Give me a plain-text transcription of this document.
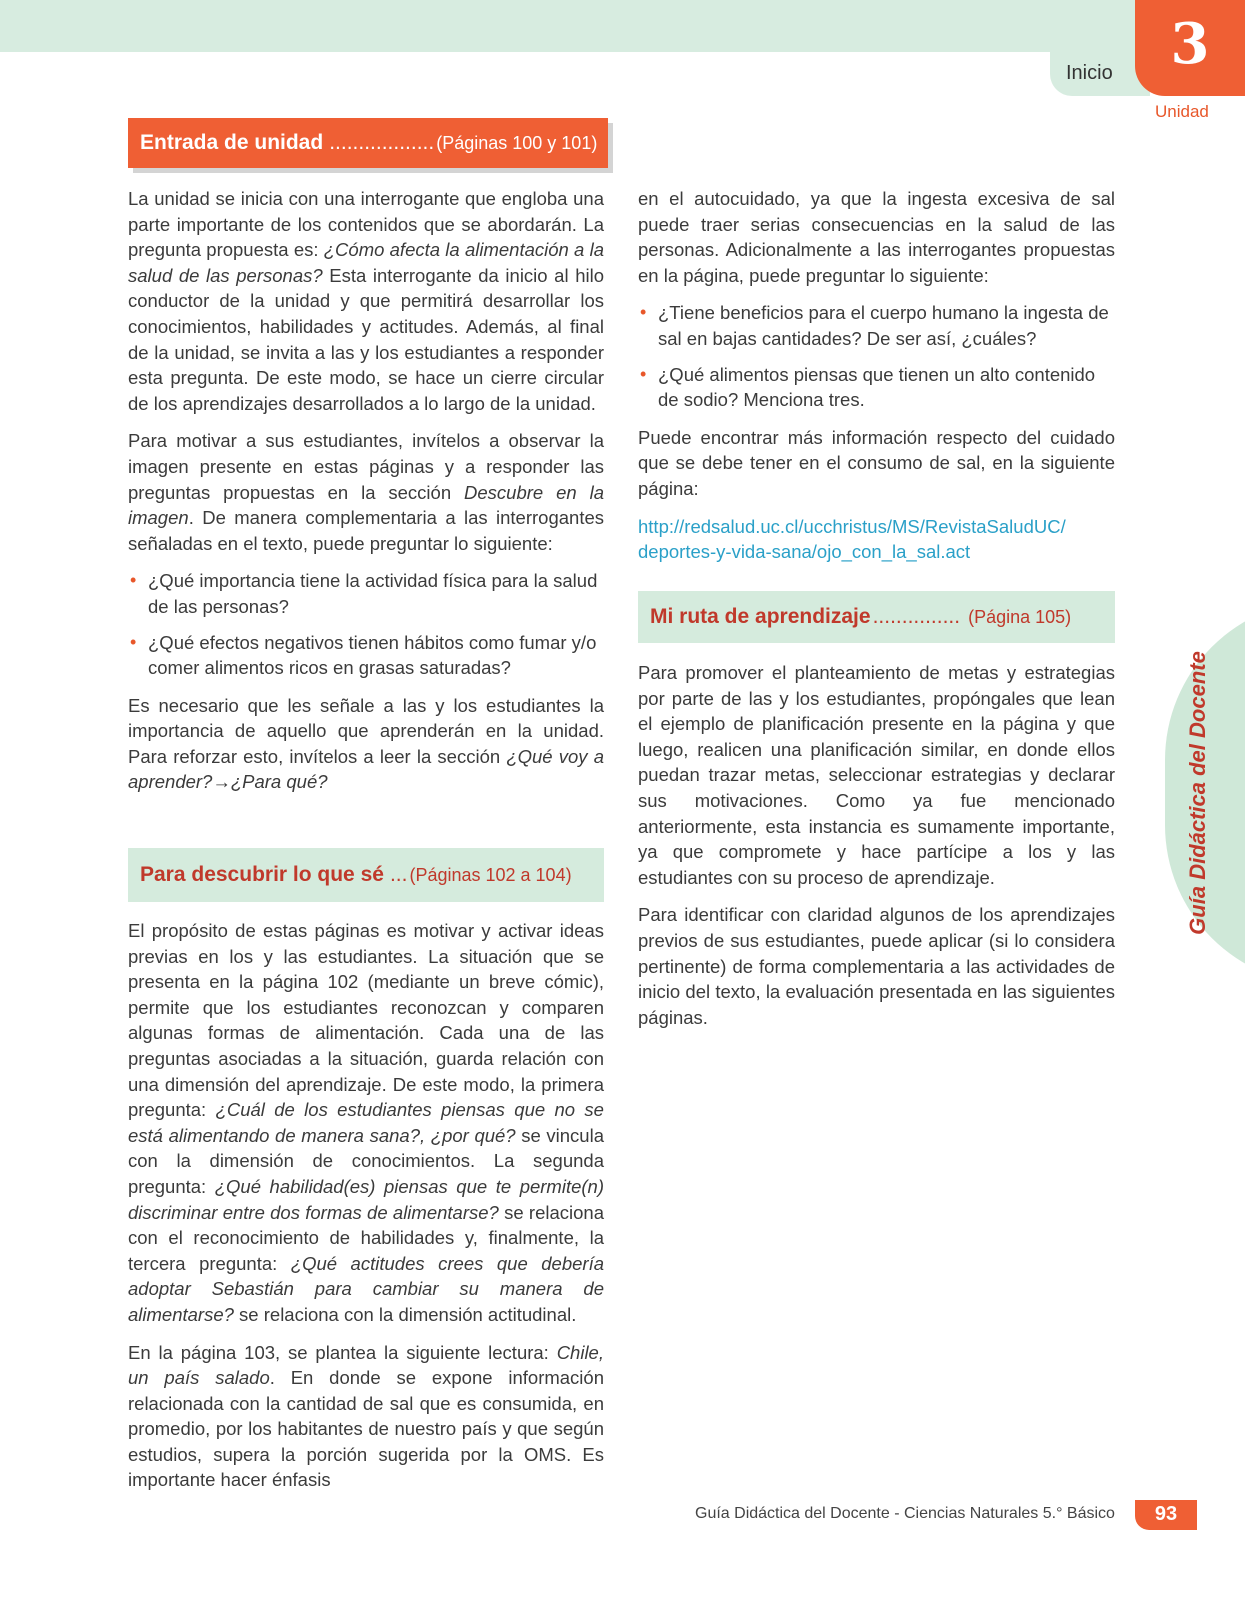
Inicio	3
Unidad
Guía Didáctica del Docente
Entrada de unidad .................. (Páginas 100 y 101)

La unidad se inicia con una interrogante que engloba una parte importante de los contenidos que se abordarán. La pregunta propuesta es: ¿Cómo afecta la alimentación a la salud de las personas? Esta interrogante da inicio al hilo conductor de la unidad y que permitirá desarrollar los conocimientos, habilidades y actitudes. Además, al final de la unidad, se invita a las y los estudiantes a responder esta pregunta. De este modo, se hace un cierre circular de los aprendizajes desarrollados a lo largo de la unidad.

Para motivar a sus estudiantes, invítelos a observar la imagen presente en estas páginas y a responder las preguntas propuestas en la sección Descubre en la imagen. De manera complementaria a las interrogantes señaladas en el texto, puede preguntar lo siguiente:

• ¿Qué importancia tiene la actividad física para la salud de las personas?
• ¿Qué efectos negativos tienen hábitos como fumar y/o comer alimentos ricos en grasas saturadas?

Es necesario que les señale a las y los estudiantes la importancia de aquello que aprenderán en la unidad. Para reforzar esto, invítelos a leer la sección ¿Qué voy a aprender?→¿Para qué?

Para descubrir lo que sé ... (Páginas 102 a 104)

El propósito de estas páginas es motivar y activar ideas previas en los y las estudiantes. La situación que se presenta en la página 102 (mediante un breve cómic), permite que los estudiantes reconozcan y comparen algunas formas de alimentación. Cada una de las preguntas asociadas a la situación, guarda relación con una dimensión del aprendizaje. De este modo, la primera pregunta: ¿Cuál de los estudiantes piensas que no se está alimentando de manera sana?, ¿por qué? se vincula con la dimensión de conocimientos. La segunda pregunta: ¿Qué habilidad(es) piensas que te permite(n) discriminar entre dos formas de alimentarse? se relaciona con el reconocimiento de habilidades y, finalmente, la tercera pregunta: ¿Qué actitudes crees que debería adoptar Sebastián para cambiar su manera de alimentarse? se relaciona con la dimensión actitudinal.

En la página 103, se plantea la siguiente lectura: Chile, un país salado. En donde se expone información relacionada con la cantidad de sal que es consumida, en promedio, por los habitantes de nuestro país y que según estudios, supera la porción sugerida por la OMS. Es importante hacer énfasis

en el autocuidado, ya que la ingesta excesiva de sal puede traer serias consecuencias en la salud de las personas. Adicionalmente a las interrogantes propuestas en la página, puede preguntar lo siguiente:

• ¿Tiene beneficios para el cuerpo humano la ingesta de sal en bajas cantidades? De ser así, ¿cuáles?
• ¿Qué alimentos piensas que tienen un alto contenido de sodio? Menciona tres.

Puede encontrar más información respecto del cuidado que se debe tener en el consumo de sal, en la siguiente página:

http://redsalud.uc.cl/ucchristus/MS/RevistaSaludUC/
deportes-y-vida-sana/ojo_con_la_sal.act

Mi ruta de aprendizaje ............... (Página 105)

Para promover el planteamiento de metas y estrategias por parte de las y los estudiantes, propóngales que lean el ejemplo de planificación presente en la página y que luego, realicen una planificación similar, en donde ellos puedan trazar metas, seleccionar estrategias y declarar sus motivaciones. Como ya fue mencionado anteriormente, esta instancia es sumamente importante, ya que compromete y hace partícipe a los y las estudiantes con su proceso de aprendizaje.

Para identificar con claridad algunos de los aprendizajes previos de sus estudiantes, puede aplicar (si lo considera pertinente) de forma complementaria a las actividades de inicio del texto, la evaluación presentada en las siguientes páginas.

Guía Didáctica del Docente - Ciencias Naturales 5.° Básico	93
